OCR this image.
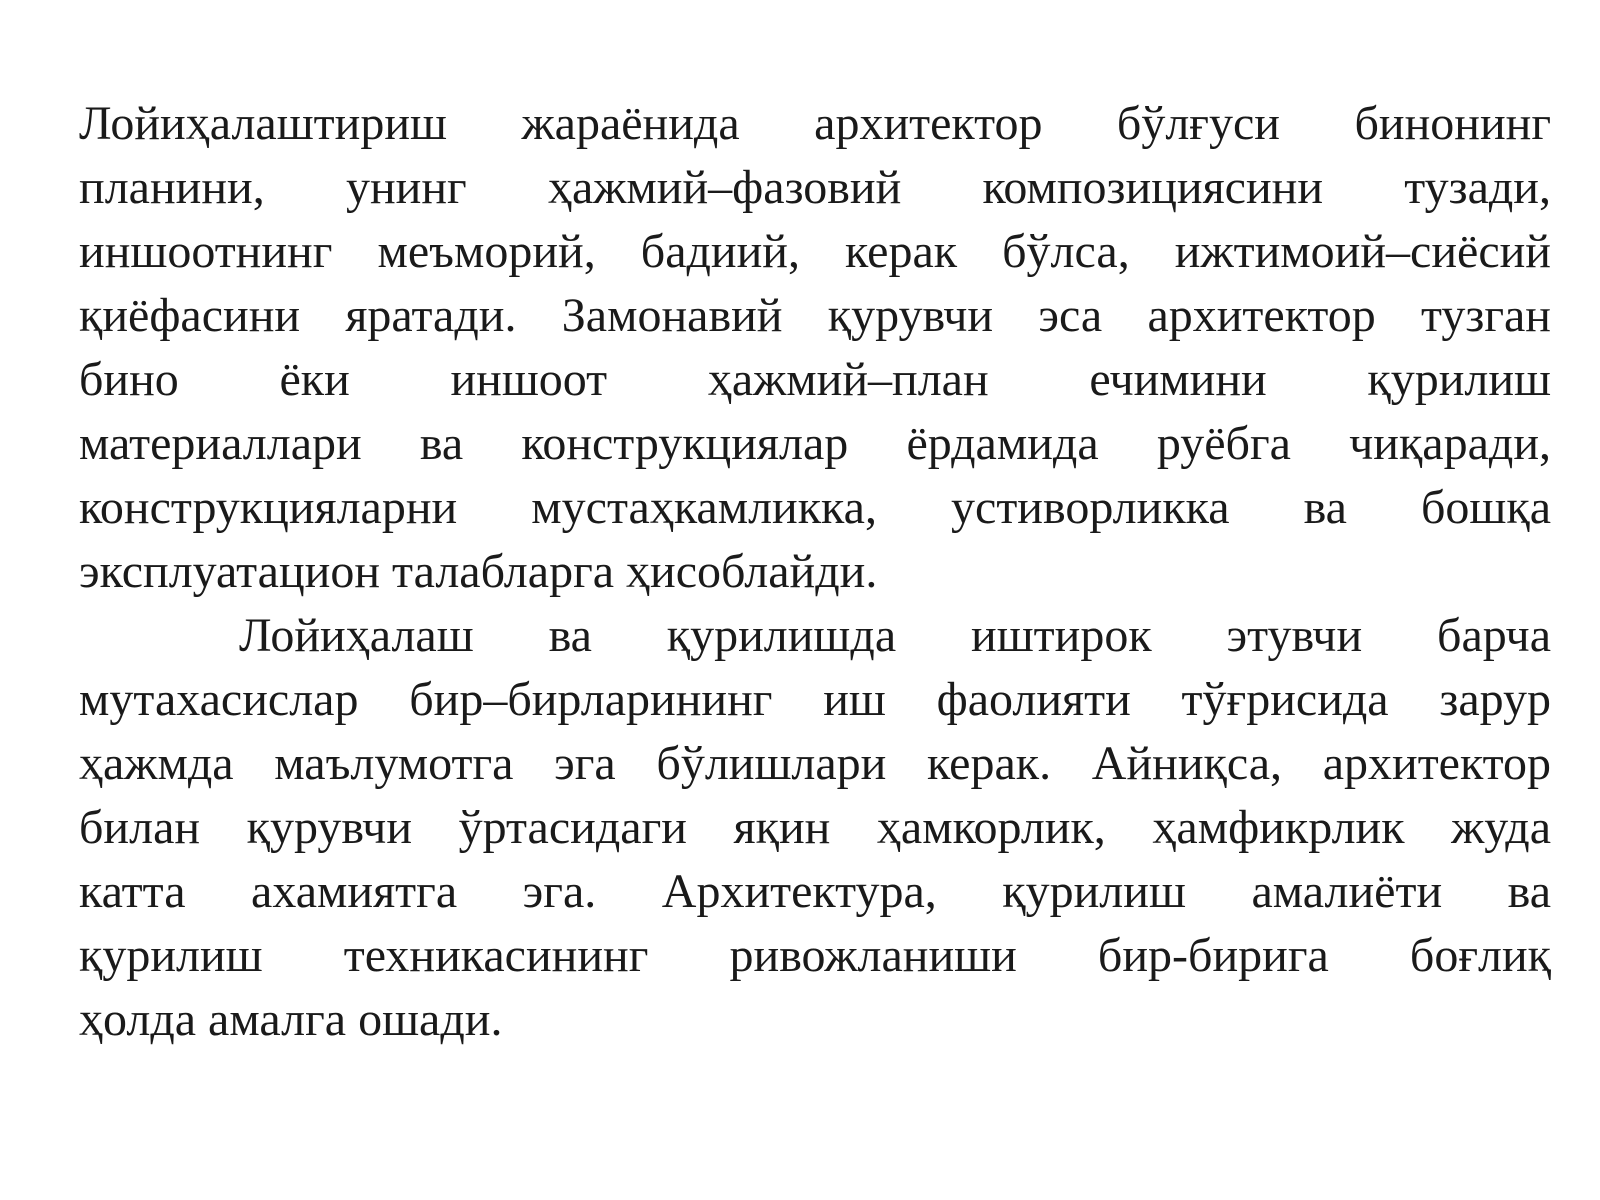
Лойиҳалаштириш жараёнида архитектор бўлғуси бинонинг
планини, унинг ҳажмий–фазовий композициясини тузади,
иншоотнинг меъморий, бадиий, керак бўлса, ижтимоий–сиёсий
қиёфасини яратади. Замонавий қурувчи эса архитектор тузган
бино ёки иншоот ҳажмий–план ечимини қурилиш
материаллари ва конструкциялар ёрдамида руёбга чиқаради,
конструкцияларни мустаҳкамликка, устиворликка ва бошқа
эксплуатацион талабларга ҳисоблайди.
Лойиҳалаш ва қурилишда иштирок этувчи барча
мутахасислар бир–бирларининг иш фаолияти тўғрисида зарур
ҳажмда маълумотга эга бўлишлари керак. Айниқса, архитектор
билан қурувчи ўртасидаги яқин ҳамкорлик, ҳамфикрлик жуда
катта ахамиятга эга. Архитектура, қурилиш амалиёти ва
қурилиш техникасининг ривожланиши бир-бирига боғлиқ
ҳолда амалга ошади.
